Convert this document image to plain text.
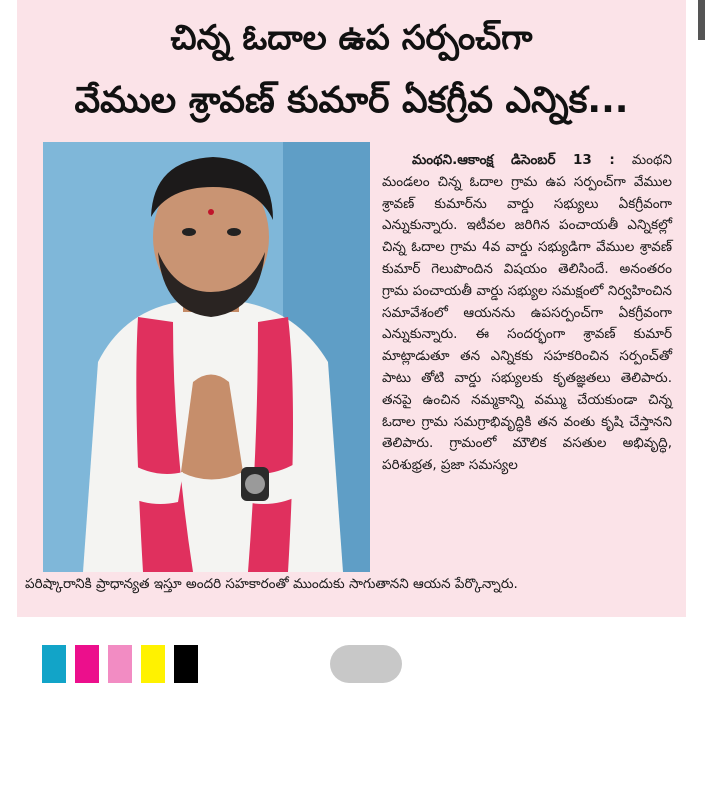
చిన్న ఓదాల ఉప సర్పంచ్‌గా
వేముల శ్రావణ్ కుమార్ ఏకగ్రీవ ఎన్నిక...
మంథని.ఆకాంక్ష డిసెంబర్ 13 : మంథని మండలం చిన్న ఓదాల గ్రామ ఉప సర్పంచ్‌గా వేముల శ్రావణ్ కుమార్‌ను వార్డు సభ్యులు ఏకగ్రీవంగా ఎన్నుకున్నారు. ఇటీవల జరిగిన పంచాయతీ ఎన్నికల్లో చిన్న ఓదాల గ్రామ 4వ వార్డు సభ్యుడిగా వేముల శ్రావణ్ కుమార్ గెలుపొందిన విషయం తెలిసిందే. అనంతరం గ్రామ పంచాయతీ వార్డు సభ్యుల సమక్షంలో నిర్వహించిన సమావేశంలో ఆయనను ఉపసర్పంచ్‌గా ఏకగ్రీవంగా ఎన్నుకున్నారు. ఈ సందర్భంగా శ్రావణ్ కుమార్ మాట్లాడుతూ తన ఎన్నికకు సహకరించిన సర్పంచ్‌తో పాటు తోటి వార్డు సభ్యులకు కృతజ్ఞతలు తెలిపారు. తనపై ఉంచిన నమ్మకాన్ని వమ్ము చేయకుండా చిన్న ఓదాల గ్రామ సమగ్రాభివృద్ధికి తన వంతు కృషి చేస్తానని తెలిపారు. గ్రామంలో మౌలిక వసతుల అభివృద్ధి, పరిశుభ్రత, ప్రజా సమస్యల
పరిష్కారానికి ప్రాధాన్యత ఇస్తూ అందరి సహకారంతో ముందుకు సాగుతానని ఆయన పేర్కొన్నారు.
